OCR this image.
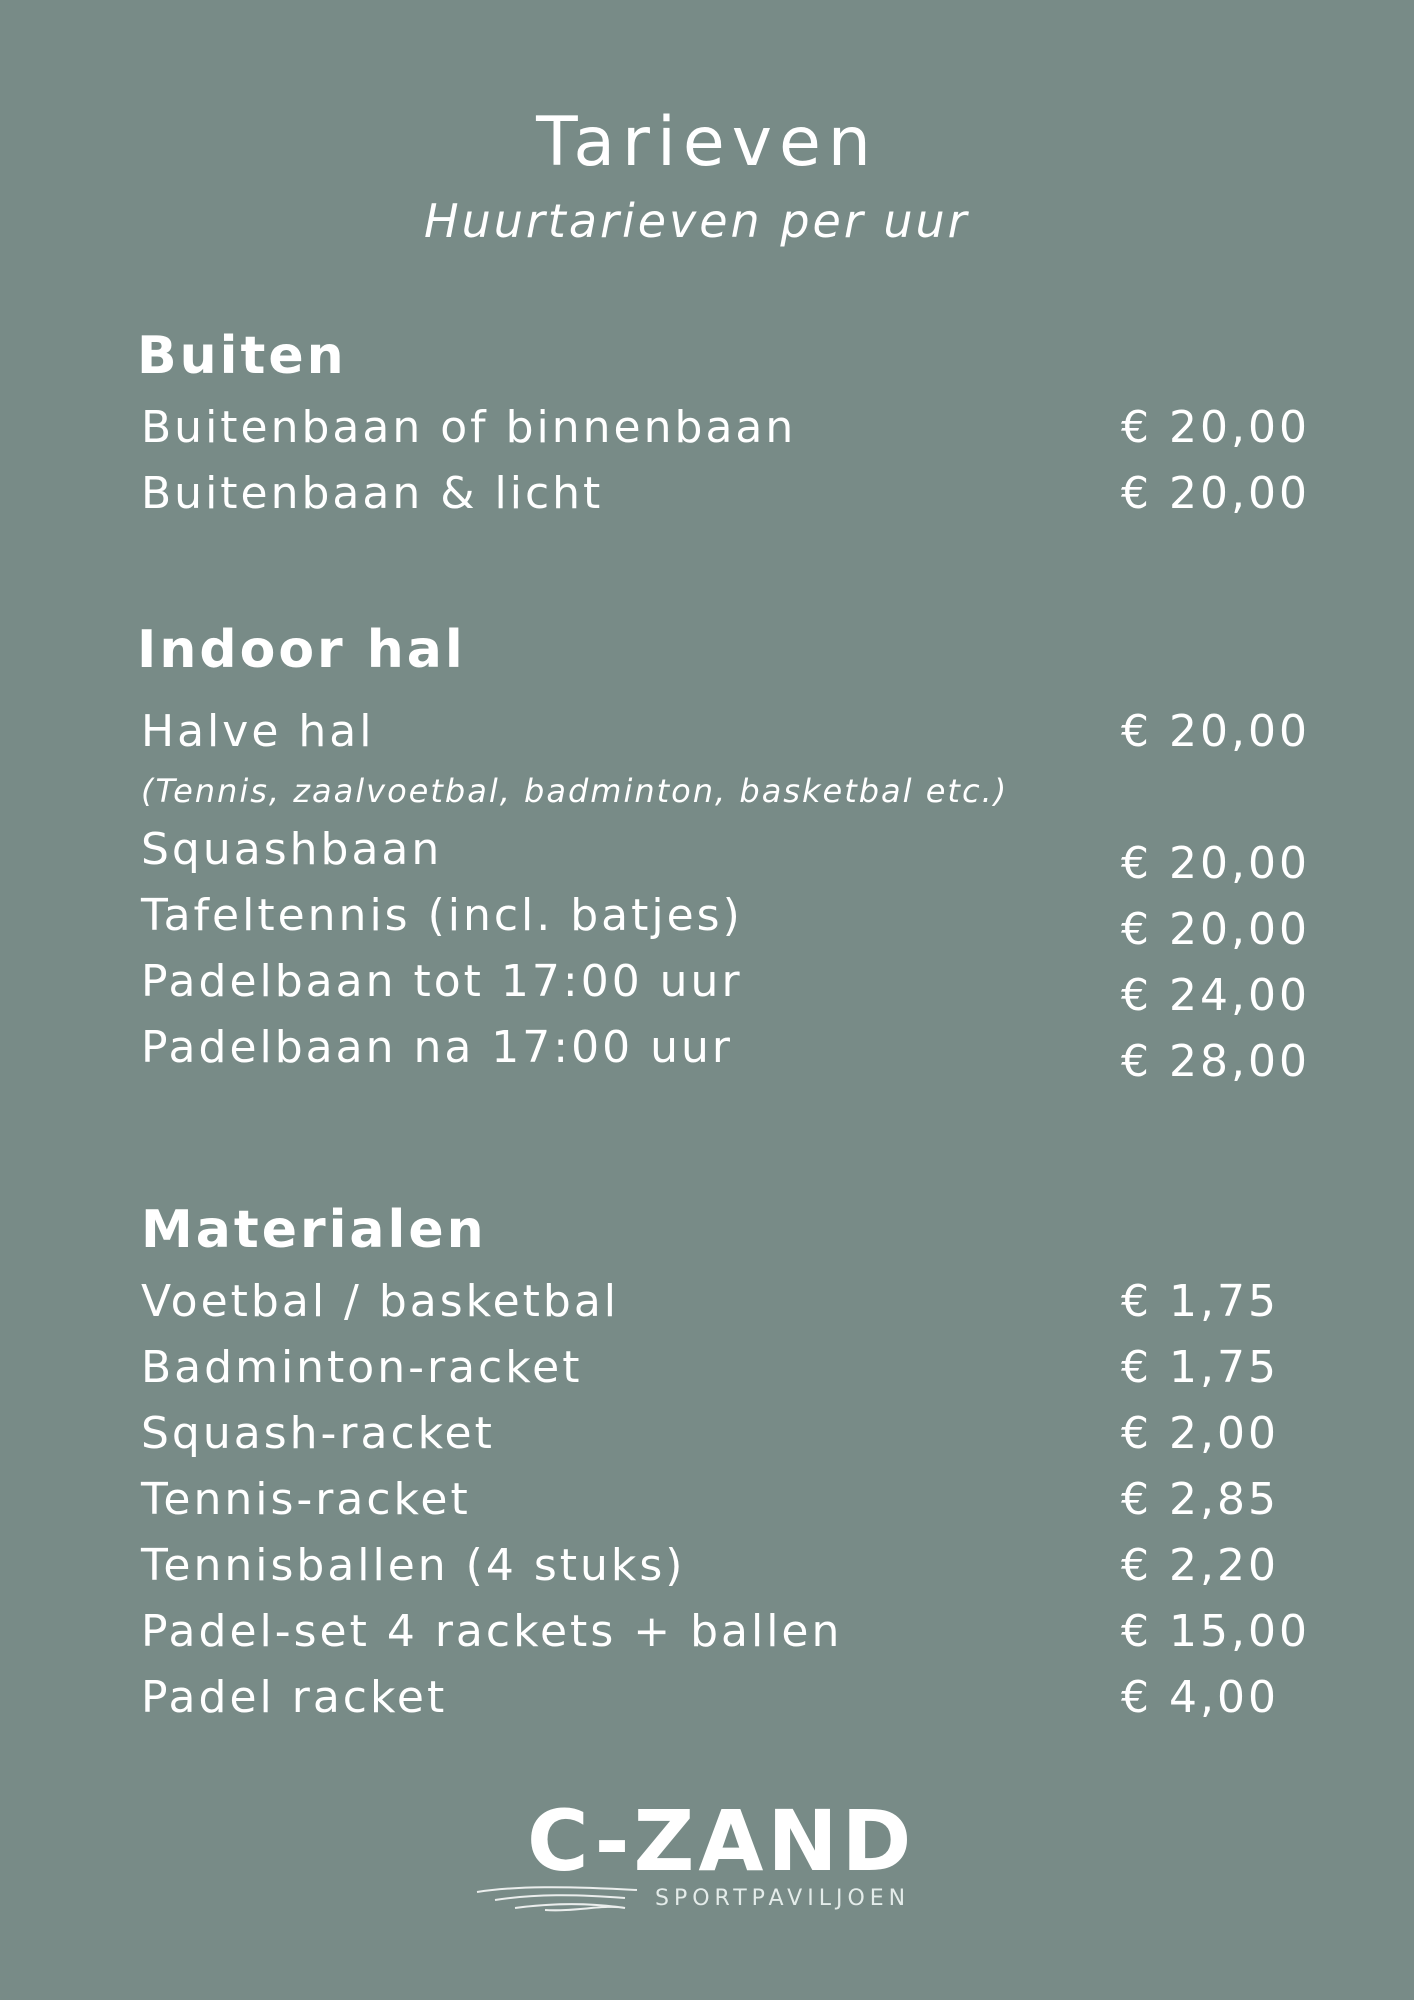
Tarieven

Huurtarieven per uur

Buiten
Buitenbaan of binnenbaan	€ 20,00
Buitenbaan & licht	€ 20,00
Indoor hal
Halve hal	€ 20,00
(Tennis, zaalvoetbal, badminton, basketbal etc.)
Squashbaan	€ 20,00
Tafeltennis (incl. batjes)	€ 20,00
Padelbaan tot 17:00 uur	€ 24,00
Padelbaan na 17:00 uur	€ 28,00
Materialen
Voetbal / basketbal	€ 1,75
Badminton-racket	€ 1,75
Squash-racket	€ 2,00
Tennis-racket	€ 2,85
Tennisballen (4 stuks)	€ 2,20
Padel-set 4 rackets + ballen	€ 15,00
Padel racket	€ 4,00
C-ZAND
SPORTPAVILJOEN
